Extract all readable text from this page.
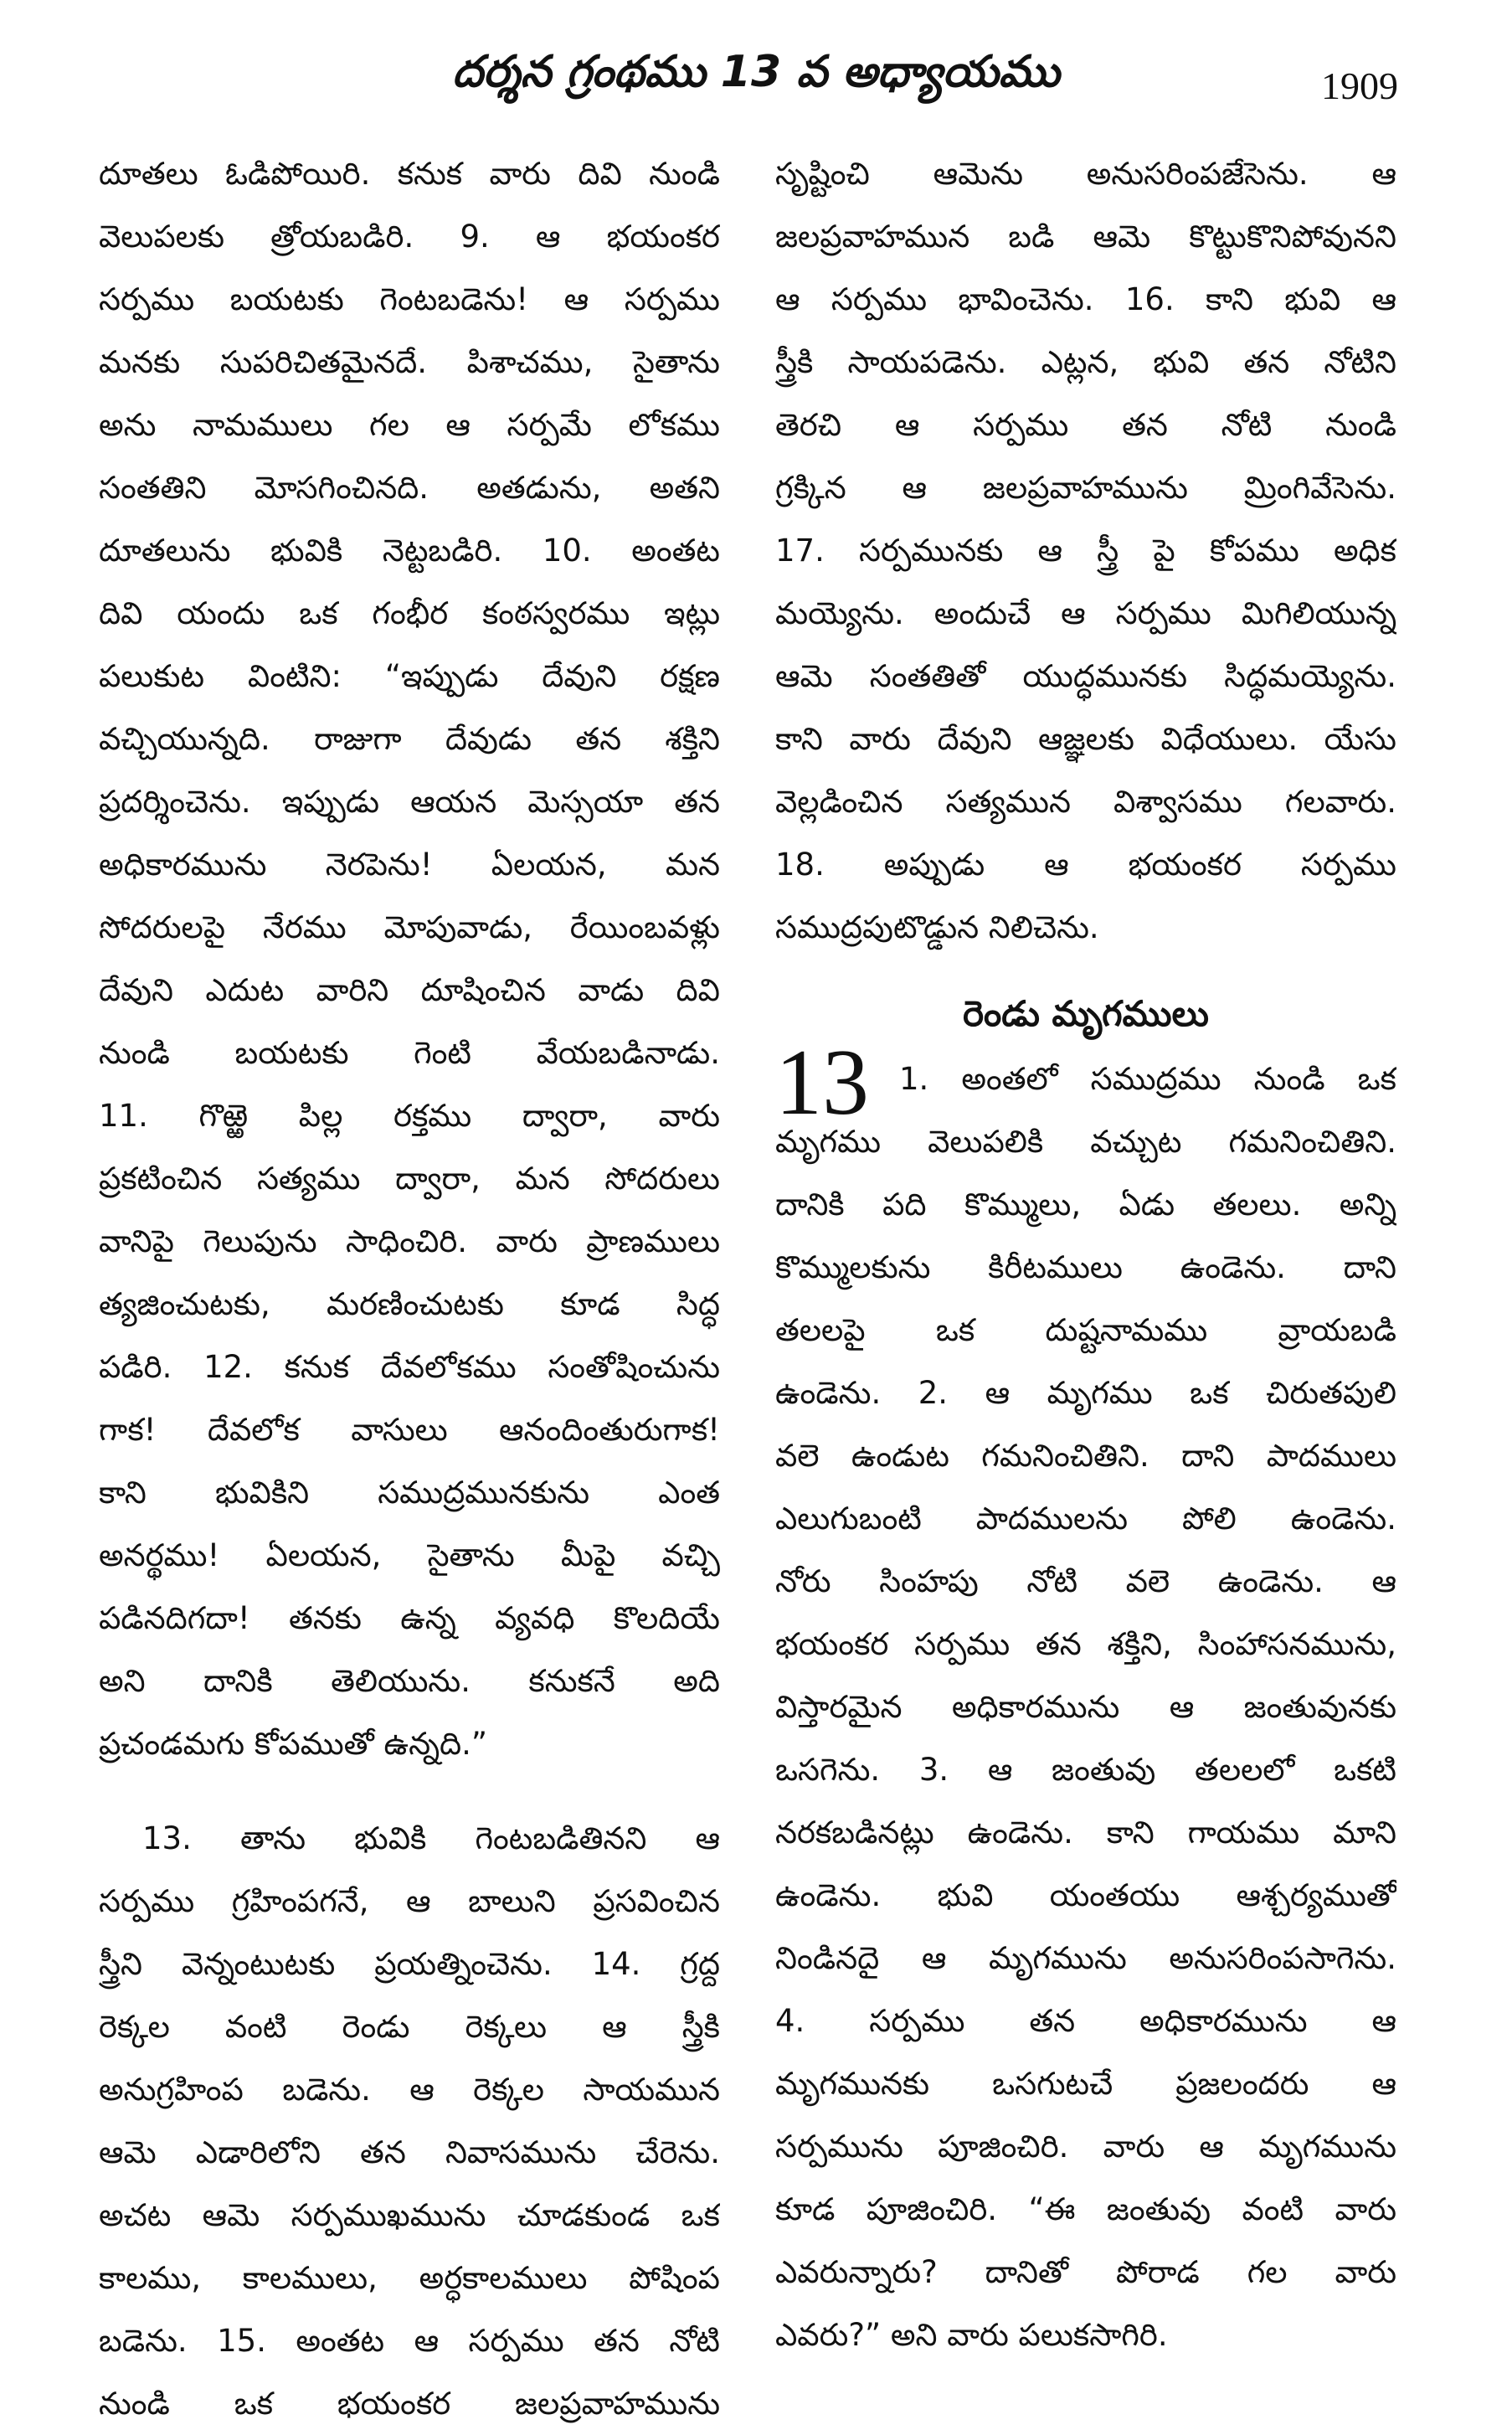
దర్శన గ్రంథము 13 వ అధ్యాయము	1909
దూతలు ఓడిపోయిరి. కనుక వారు దివి నుండి
వెలుపలకు త్రోయబడిరి. 9. ఆ భయంకర
సర్పము బయటకు గెంటబడెను! ఆ సర్పము
మనకు సుపరిచితమైనదే. పిశాచము, సైతాను
అను నామములు గల ఆ సర్పమే లోకము
సంతతిని మోసగించినది. అతడును, అతని
దూతలును భువికి నెట్టబడిరి. 10. అంతట
దివి యందు ఒక గంభీర కంఠస్వరము ఇట్లు
పలుకుట వింటిని: “ఇప్పుడు దేవుని రక్షణ
వచ్చియున్నది. రాజుగా దేవుడు తన శక్తిని
ప్రదర్శించెను. ఇప్పుడు ఆయన మెస్సయా తన
అధికారమును నెరపెను! ఏలయన, మన
సోదరులపై నేరము మోపువాడు, రేయింబవళ్లు
దేవుని ఎదుట వారిని దూషించిన వాడు దివి
నుండి బయటకు గెంటి వేయబడినాడు.
11. గొఱ్ఱె పిల్ల రక్తము ద్వారా, వారు
ప్రకటించిన సత్యము ద్వారా, మన సోదరులు
వానిపై గెలుపును సాధించిరి. వారు ప్రాణములు
త్యజించుటకు, మరణించుటకు కూడ సిద్ధ
పడిరి. 12. కనుక దేవలోకము సంతోషించును
గాక! దేవలోక వాసులు ఆనందింతురుగాక!
కాని భువికిని సముద్రమునకును ఎంత
అనర్థము! ఏలయన, సైతాను మీపై వచ్చి
పడినదిగదా! తనకు ఉన్న వ్యవధి కొలదియే
అని దానికి తెలియును. కనుకనే అది
ప్రచండమగు కోపముతో ఉన్నది.”
13. తాను భువికి గెంటబడితినని ఆ
సర్పము గ్రహింపగనే, ఆ బాలుని ప్రసవించిన
స్త్రీని వెన్నంటుటకు ప్రయత్నించెను. 14. గ్రద్ద
రెక్కల వంటి రెండు రెక్కలు ఆ స్త్రీకి
అనుగ్రహింప బడెను. ఆ రెక్కల సాయమున
ఆమె ఎడారిలోని తన నివాసమును చేరెను.
అచట ఆమె సర్పముఖమును చూడకుండ ఒక
కాలము, కాలములు, అర్ధకాలములు పోషింప
బడెను. 15. అంతట ఆ సర్పము తన నోటి
నుండి ఒక భయంకర జలప్రవాహమును
సృష్టించి ఆమెను అనుసరింపజేసెను. ఆ
జలప్రవాహమున బడి ఆమె కొట్టుకొనిపోవునని
ఆ సర్పము భావించెను. 16. కాని భువి ఆ
స్త్రీకి సాయపడెను. ఎట్లన, భువి తన నోటిని
తెరచి ఆ సర్పము తన నోటి నుండి
గ్రక్కిన ఆ జలప్రవాహమును మ్రింగివేసెను.
17. సర్పమునకు ఆ స్త్రీ పై కోపము అధిక
మయ్యెను. అందుచే ఆ సర్పము మిగిలియున్న
ఆమె సంతతితో యుద్ధమునకు సిద్ధమయ్యెను.
కాని వారు దేవుని ఆజ్ఞలకు విధేయులు. యేసు
వెల్లడించిన సత్యమున విశ్వాసము గలవారు.
18. అప్పుడు ఆ భయంకర సర్పము
సముద్రపుటొడ్డున నిలిచెను.
రెండు మృగములు
13 1. అంతలో సముద్రము నుండి ఒక
మృగము వెలుపలికి వచ్చుట గమనించితిని.
దానికి పది కొమ్ములు, ఏడు తలలు. అన్ని
కొమ్ములకును కిరీటములు ఉండెను. దాని
తలలపై ఒక దుష్టనామము వ్రాయబడి
ఉండెను. 2. ఆ మృగము ఒక చిరుతపులి
వలె ఉండుట గమనించితిని. దాని పాదములు
ఎలుగుబంటి పాదములను పోలి ఉండెను.
నోరు సింహపు నోటి వలె ఉండెను. ఆ
భయంకర సర్పము తన శక్తిని, సింహాసనమును,
విస్తారమైన అధికారమును ఆ జంతువునకు
ఒసగెను. 3. ఆ జంతువు తలలలో ఒకటి
నరకబడినట్లు ఉండెను. కాని గాయము మాని
ఉండెను. భువి యంతయు ఆశ్చర్యముతో
నిండినదై ఆ మృగమును అనుసరింపసాగెను.
4. సర్పము తన అధికారమును ఆ
మృగమునకు ఒసగుటచే ప్రజలందరు ఆ
సర్పమును పూజించిరి. వారు ఆ మృగమును
కూడ పూజించిరి. “ఈ జంతువు వంటి వారు
ఎవరున్నారు? దానితో పోరాడ గల వారు
ఎవరు?” అని వారు పలుకసాగిరి.
